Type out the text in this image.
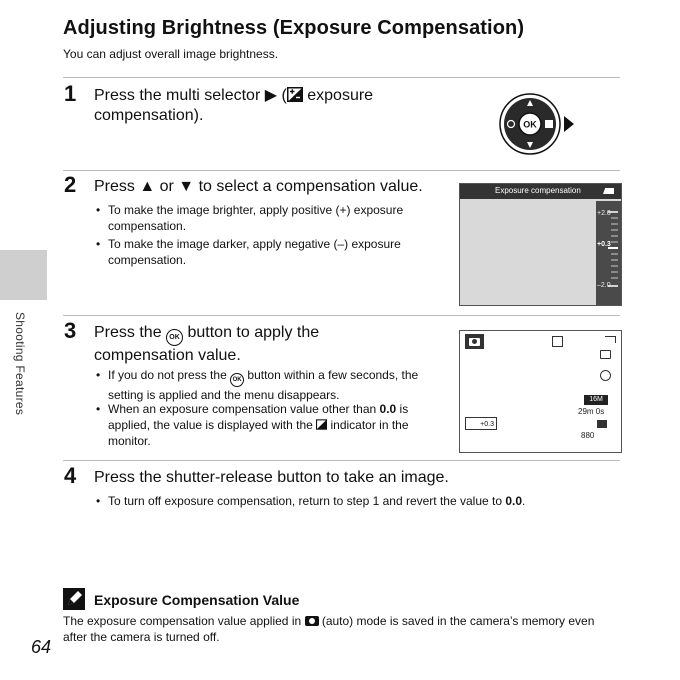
Adjusting Brightness (Exposure Compensation)
You can adjust overall image brightness.
1 Press the multi selector ▶ ( exposure
compensation).
OK
2 Press ▲ or ▼ to select a compensation value.
• To make the image brighter, apply positive (+) exposure
compensation.
• To make the image darker, apply negative (–) exposure
compensation.
Exposure compensation
+2.0
+0.3
–2.0
3 Press the OK button to apply the
compensation value.
• If you do not press the OK button within a few seconds, the
setting is applied and the menu disappears.
• When an exposure compensation value other than 0.0 is
applied, the value is displayed with the  indicator in the
monitor.
16M
29m 0s
+0.3
880
4 Press the shutter-release button to take an image.
• To turn off exposure compensation, return to step 1 and revert the value to 0.0.
Shooting Features
Exposure Compensation Value
The exposure compensation value applied in  (auto) mode is saved in the camera’s memory even
after the camera is turned off.
64
